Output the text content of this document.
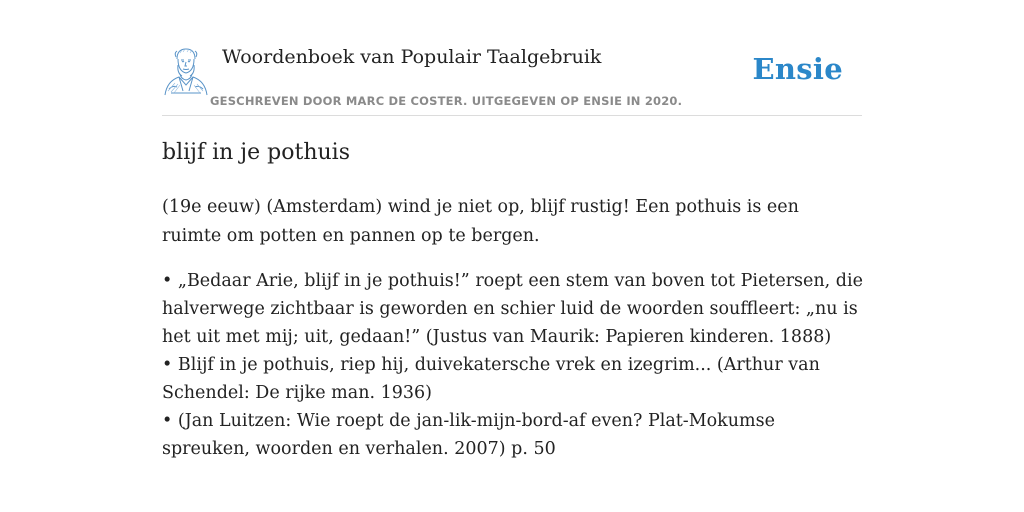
Woordenboek van Populair Taalgebruik	Ensie
GESCHREVEN DOOR MARC DE COSTER. UITGEGEVEN OP ENSIE IN 2020.
blijf in je pothuis

(19e eeuw) (Amsterdam) wind je niet op, blijf rustig! Een pothuis is een ruimte om potten en pannen op te bergen.

• „Bedaar Arie, blijf in je pothuis!” roept een stem van boven tot Pietersen, die halverwege zichtbaar is geworden en schier luid de woorden souffleert: „nu is het uit met mij; uit, gedaan!” (Justus van Maurik: Papieren kinderen. 1888)
• Blijf in je pothuis, riep hij, duivekatersche vrek en izegrim... (Arthur van Schendel: De rijke man. 1936)
• (Jan Luitzen: Wie roept de jan-lik-mijn-bord-af even? Plat-Mokumse spreuken, woorden en verhalen. 2007) p. 50
